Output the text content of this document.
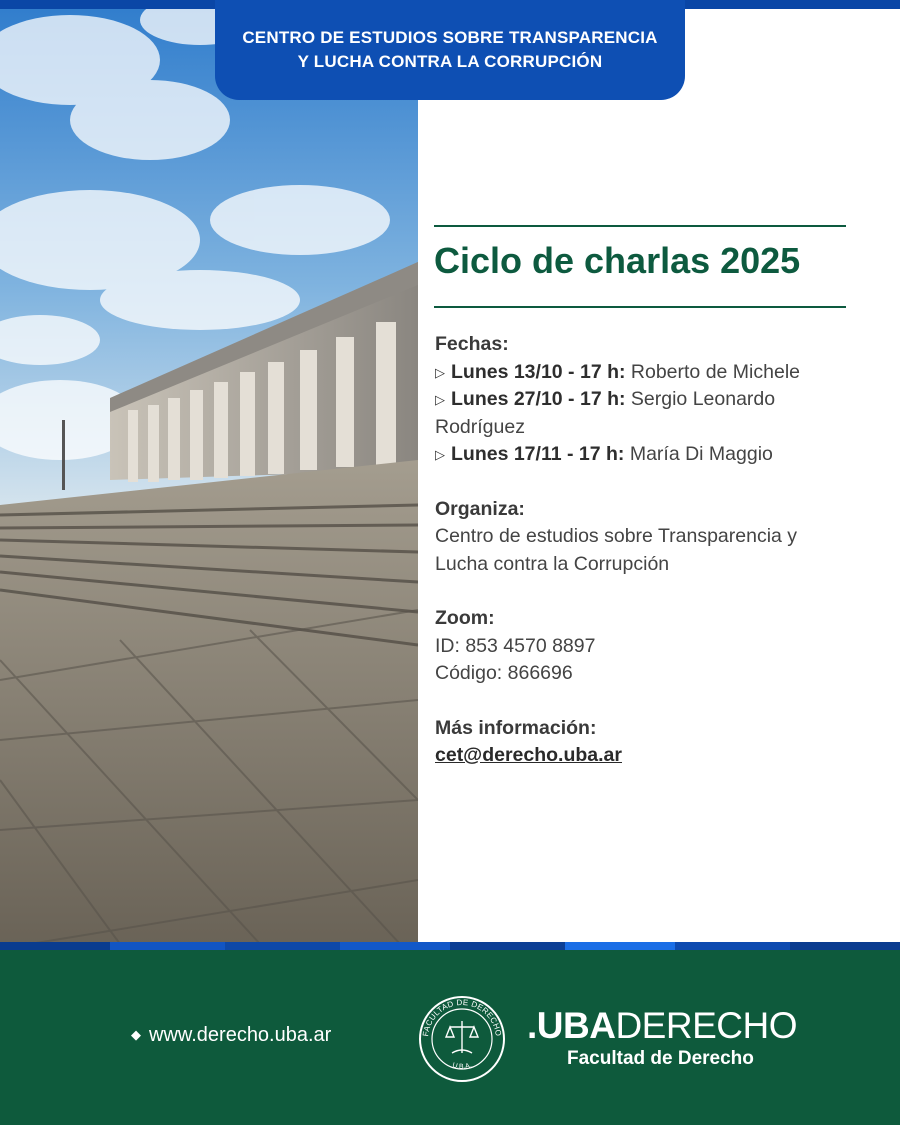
CENTRO DE ESTUDIOS SOBRE TRANSPARENCIA
Y LUCHA CONTRA LA CORRUPCIÓN
Ciclo de charlas 2025
Fechas:
▷ Lunes 13/10 - 17 h: Roberto de Michele
▷ Lunes 27/10 - 17 h: Sergio Leonardo
Rodríguez
▷ Lunes 17/11 - 17 h: María Di Maggio
Organiza:
Centro de estudios sobre Transparencia y
Lucha contra la Corrupción
Zoom:
ID: 853 4570 8897
Código: 866696
Más información:
cet@derecho.uba.ar
◆ www.derecho.uba.ar	FACULTAD DE DERECHO
U.B.A.
.UBADERECHO
Facultad de Derecho
